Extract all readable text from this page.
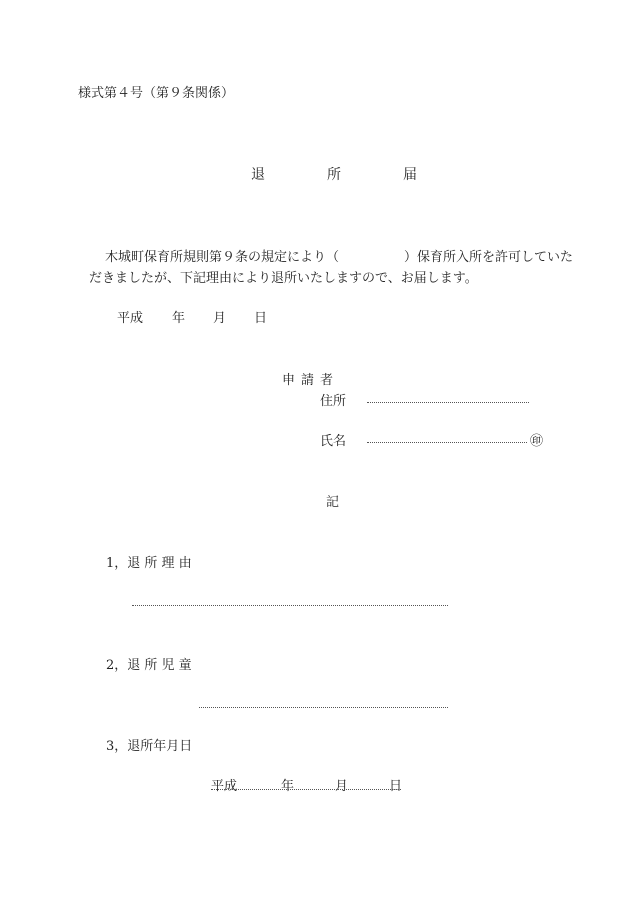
様式第４号（第９条関係）
退	所	届
木城町保育所規則第９条の規定により（　　　　　）保育所入所を許可していた
だきましたが、下記理由により退所いたしますので、お届します。
平成 年 月 日
申請者
住所
氏名	㊞
記
1，退 所 理 由
2，退 所 児 童
3，退所年月日
平成	年	月	日
